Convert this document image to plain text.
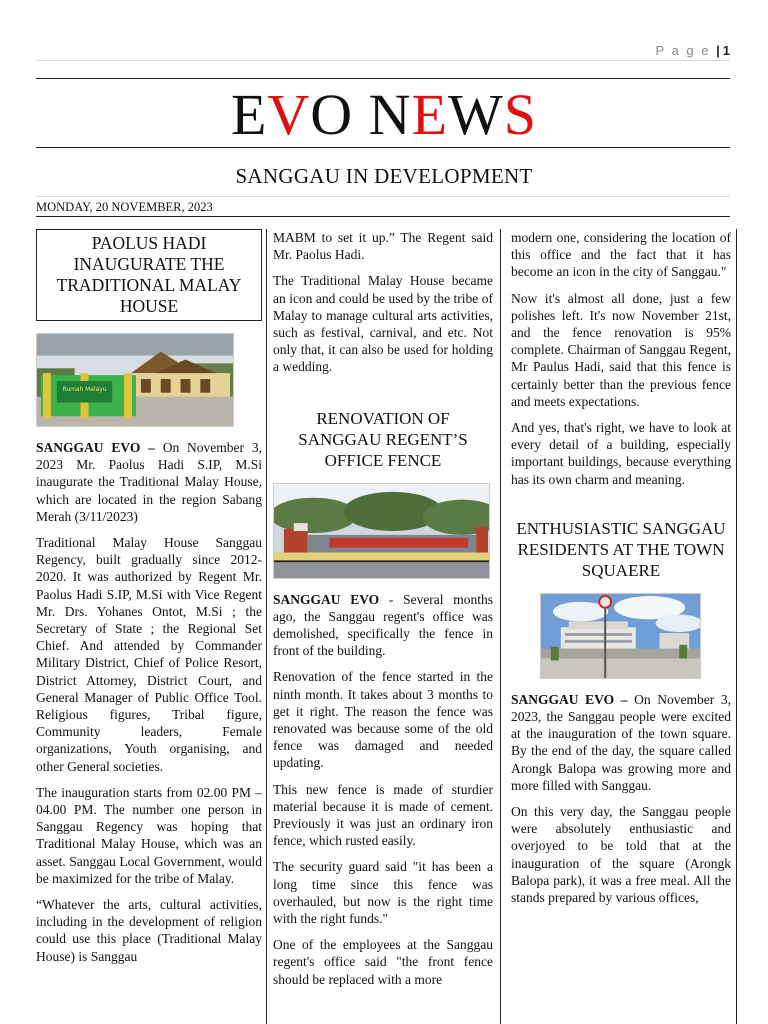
P a g e | 1
EVO NEWS
SANGGAU IN DEVELOPMENT
MONDAY, 20 NOVEMBER, 2023
PAOLUS HADI INAUGURATE THE TRADITIONAL MALAY HOUSE
Rumah Melayu

SANGGAU EVO – On November 3, 2023 Mr. Paolus Hadi S.IP, M.Si inaugurate the Traditional Malay House, which are located in the region Sabang Merah (3/11/2023)

Traditional Malay House Sanggau Regency, built gradually since 2012-2020. It was authorized by Regent Mr. Paolus Hadi S.IP, M.Si with Vice Regent Mr. Drs. Yohanes Ontot, M.Si ; the Secretary of State ; the Regional Set Chief. And attended by Commander Military District, Chief of Police Resort, District Attorney, District Court, and General Manager of Public Office Tool. Religious figures, Tribal figure, Community leaders, Female organizations, Youth organising, and other General societies.

The inauguration starts from 02.00 PM – 04.00 PM. The number one person in Sanggau Regency was hoping that Traditional Malay House, which was an asset. Sanggau Local Government, would be maximized for the tribe of Malay.

“Whatever the arts, cultural activities, including in the development of religion could use this place (Traditional Malay House) is Sanggau

MABM to set it up.” The Regent said Mr. Paolus Hadi.

The Traditional Malay House became an icon and could be used by the tribe of Malay to manage cultural arts activities, such as festival, carnival, and etc. Not only that, it can also be used for holding a wedding.

RENOVATION OF SANGGAU REGENT’S OFFICE FENCE

SANGGAU EVO - Several months ago, the Sanggau regent's office was demolished, specifically the fence in front of the building.

Renovation of the fence started in the ninth month. It takes about 3 months to get it right. The reason the fence was renovated was because some of the old fence was damaged and needed updating.

This new fence is made of sturdier material because it is made of cement. Previously it was just an ordinary iron fence, which rusted easily.

The security guard said "it has been a long time since this fence was overhauled, but now is the right time with the right funds."

One of the employees at the Sanggau regent's office said "the front fence should be replaced with a more

modern one, considering the location of this office and the fact that it has become an icon in the city of Sanggau."

Now it's almost all done, just a few polishes left. It's now November 21st, and the fence renovation is 95% complete. Chairman of Sanggau Regent, Mr Paulus Hadi, said that this fence is certainly better than the previous fence and meets expectations.

And yes, that's right, we have to look at every detail of a building, especially important buildings, because everything has its own charm and meaning.

ENTHUSIASTIC SANGGAU RESIDENTS AT THE TOWN SQUAERE

SANGGAU EVO – On November 3, 2023, the Sanggau people were excited at the inauguration of the town square. By the end of the day, the square called Arongk Balopa was growing more and more filled with Sanggau.

On this very day, the Sanggau people were absolutely enthusiastic and overjoyed to be told that at the inauguration of the square (Arongk Balopa park), it was a free meal. All the stands prepared by various offices,
